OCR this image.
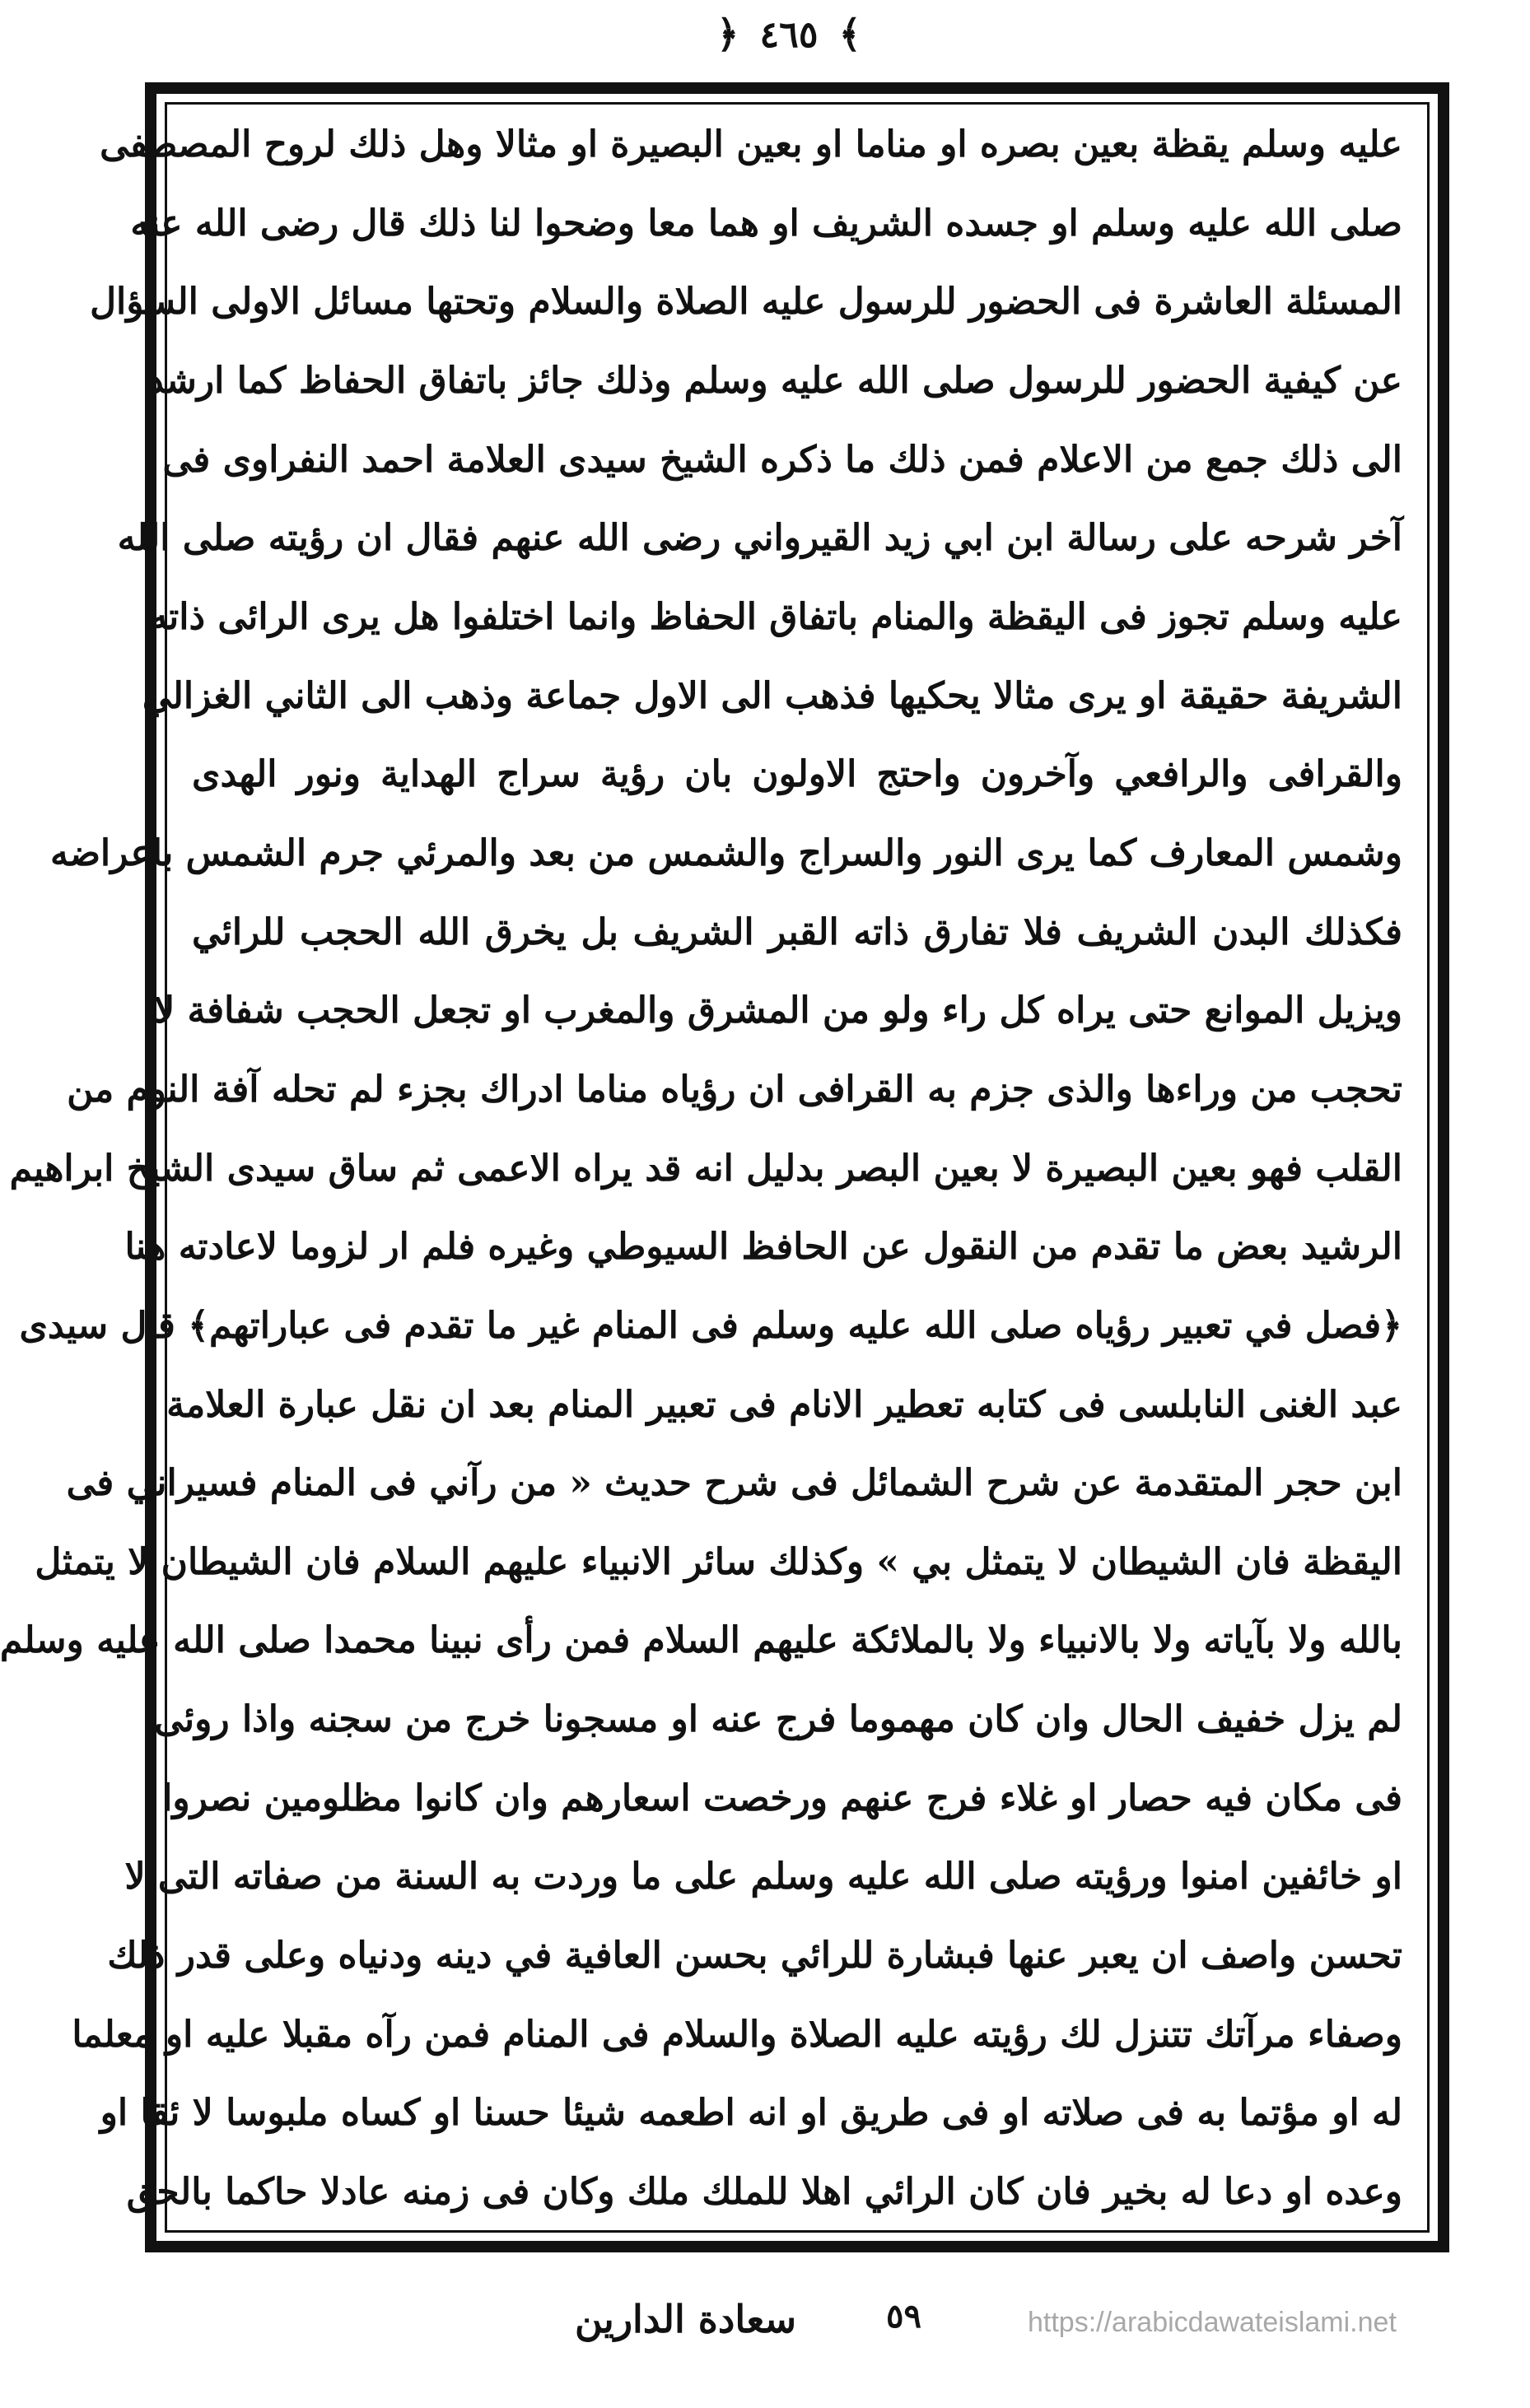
﴾ ٤٦٥ ﴿
عليه وسلم يقظة بعين بصره او مناما او بعين البصيرة او مثالا وهل ذلك لروح المصطفى
صلى الله عليه وسلم او جسده الشريف او هما معا وضحوا لنا ذلك قال رضى الله عنه
المسئلة العاشرة فى الحضور للرسول عليه الصلاة والسلام وتحتها مسائل الاولى السؤال
عن كيفية الحضور للرسول صلى الله عليه وسلم وذلك جائز باتفاق الحفاظ كما ارشد
الى ذلك جمع من الاعلام فمن ذلك ما ذكره الشيخ سيدى العلامة احمد النفراوى فى
آخر شرحه على رسالة ابن ابي زيد القيرواني رضى الله عنهم فقال ان رؤيته صلى الله
عليه وسلم تجوز فى اليقظة والمنام باتفاق الحفاظ وانما اختلفوا هل يرى الرائى ذاته
الشريفة حقيقة او يرى مثالا يحكيها فذهب الى الاول جماعة وذهب الى الثاني الغزالي
والقرافى والرافعي وآخرون واحتج الاولون بان رؤية سراج الهداية ونور الهدى
وشمس المعارف كما يرى النور والسراج والشمس من بعد والمرئي جرم الشمس باعراضه
فكذلك البدن الشريف فلا تفارق ذاته القبر الشريف بل يخرق الله الحجب للرائي
ويزيل الموانع حتى يراه كل راء ولو من المشرق والمغرب او تجعل الحجب شفافة لا
تحجب من وراءها والذى جزم به القرافى ان رؤياه مناما ادراك بجزء لم تحله آفة النوم من
القلب فهو بعين البصيرة لا بعين البصر بدليل انه قد يراه الاعمى ثم ساق سيدى الشيخ ابراهيم
الرشيد بعض ما تقدم من النقول عن الحافظ السيوطي وغيره فلم ار لزوما لاعادته هنا
﴿فصل في تعبير رؤياه صلى الله عليه وسلم فى المنام غير ما تقدم فى عباراتهم﴾ قال سيدى
عبد الغنى النابلسى فى كتابه تعطير الانام فى تعبير المنام بعد ان نقل عبارة العلامة
ابن حجر المتقدمة عن شرح الشمائل فى شرح حديث « من رآني فى المنام فسيراني فى
اليقظة فان الشيطان لا يتمثل بي » وكذلك سائر الانبياء عليهم السلام فان الشيطان لا يتمثل
بالله ولا بآياته ولا بالانبياء ولا بالملائكة عليهم السلام فمن رأى نبينا محمدا صلى الله عليه وسلم
لم يزل خفيف الحال وان كان مهموما فرج عنه او مسجونا خرج من سجنه واذا روئى
فى مكان فيه حصار او غلاء فرج عنهم ورخصت اسعارهم وان كانوا مظلومين نصروا
او خائفين امنوا ورؤيته صلى الله عليه وسلم على ما وردت به السنة من صفاته التى لا
تحسن واصف ان يعبر عنها فبشارة للرائي بحسن العافية في دينه ودنياه وعلى قدر ذلك
وصفاء مرآتك تتنزل لك رؤيته عليه الصلاة والسلام فى المنام فمن رآه مقبلا عليه او معلما
له او مؤتما به فى صلاته او فى طريق او انه اطعمه شيئا حسنا او كساه ملبوسا لا ئقا او
وعده او دعا له بخير فان كان الرائي اهلا للملك ملك وكان فى زمنه عادلا حاكما بالحق
سعادة الدارين	٥٩	https://arabicdawateislami.net
